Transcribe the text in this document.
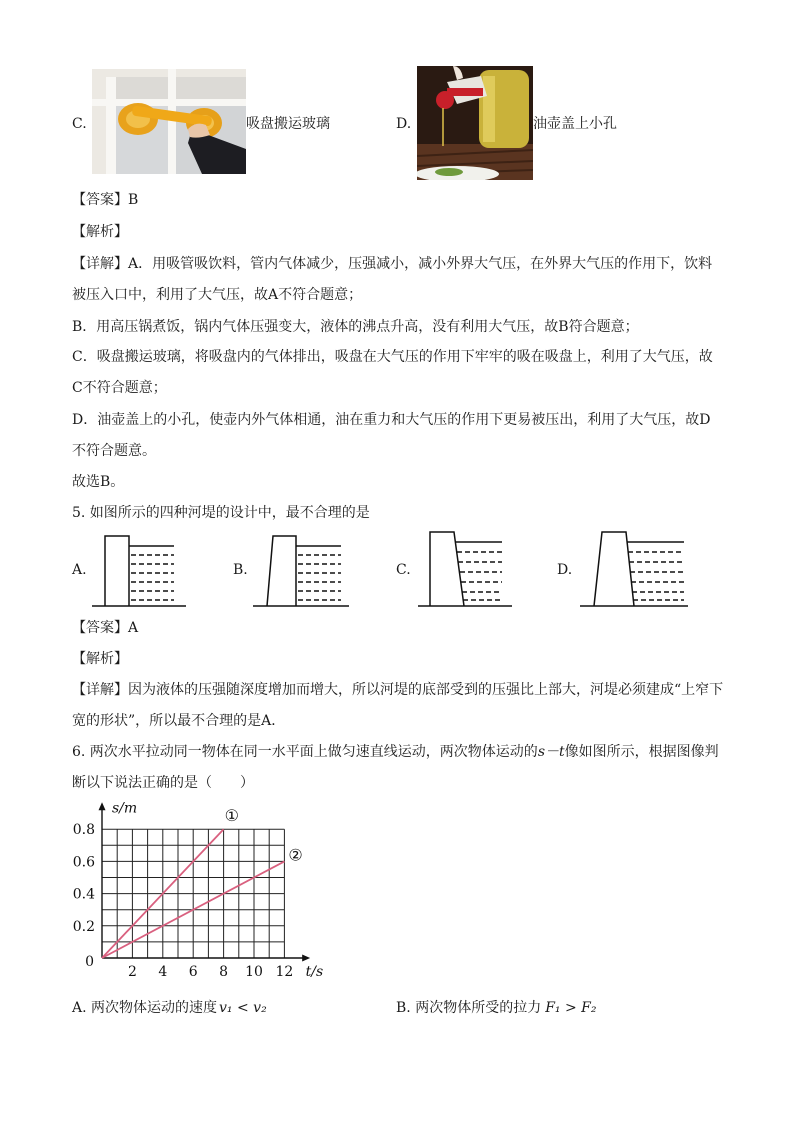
C.	吸盘搬运玻璃	D.	油壶盖上小孔
【答案】B
【解析】
【详解】A．用吸管吸饮料，管内气体减少，压强减小，减小外界大气压，在外界大气压的作用下，饮料
被压入口中，利用了大气压，故A不符合题意；
B．用高压锅煮饭，锅内气体压强变大，液体的沸点升高，没有利用大气压，故B符合题意；
C．吸盘搬运玻璃，将吸盘内的气体排出，吸盘在大气压的作用下牢牢的吸在吸盘上，利用了大气压，故
C不符合题意；
D．油壶盖上的小孔，使壶内外气体相通，油在重力和大气压的作用下更易被压出，利用了大气压，故D
不符合题意。
故选B。
5. 如图所示的四种河堤的设计中，最不合理的是
A.	B.	C.	D.
【答案】A
【解析】
【详解】因为液体的压强随深度增加而增大，所以河堤的底部受到的压强比上部大，河堤必须建成“上窄下
宽的形状”，所以最不合理的是A．
6. 两次水平拉动同一物体在同一水平面上做匀速直线运动，两次物体运动的s－t像如图所示，根据图像判
断以下说法正确的是（　　）
①
②
2 4 6 8 10 12
0.8
0.6
0.4
0.2
0
t/s
s/m
A. 两次物体运动的速度 v₁ < v₂	B. 两次物体所受的拉力 F₁ > F₂
